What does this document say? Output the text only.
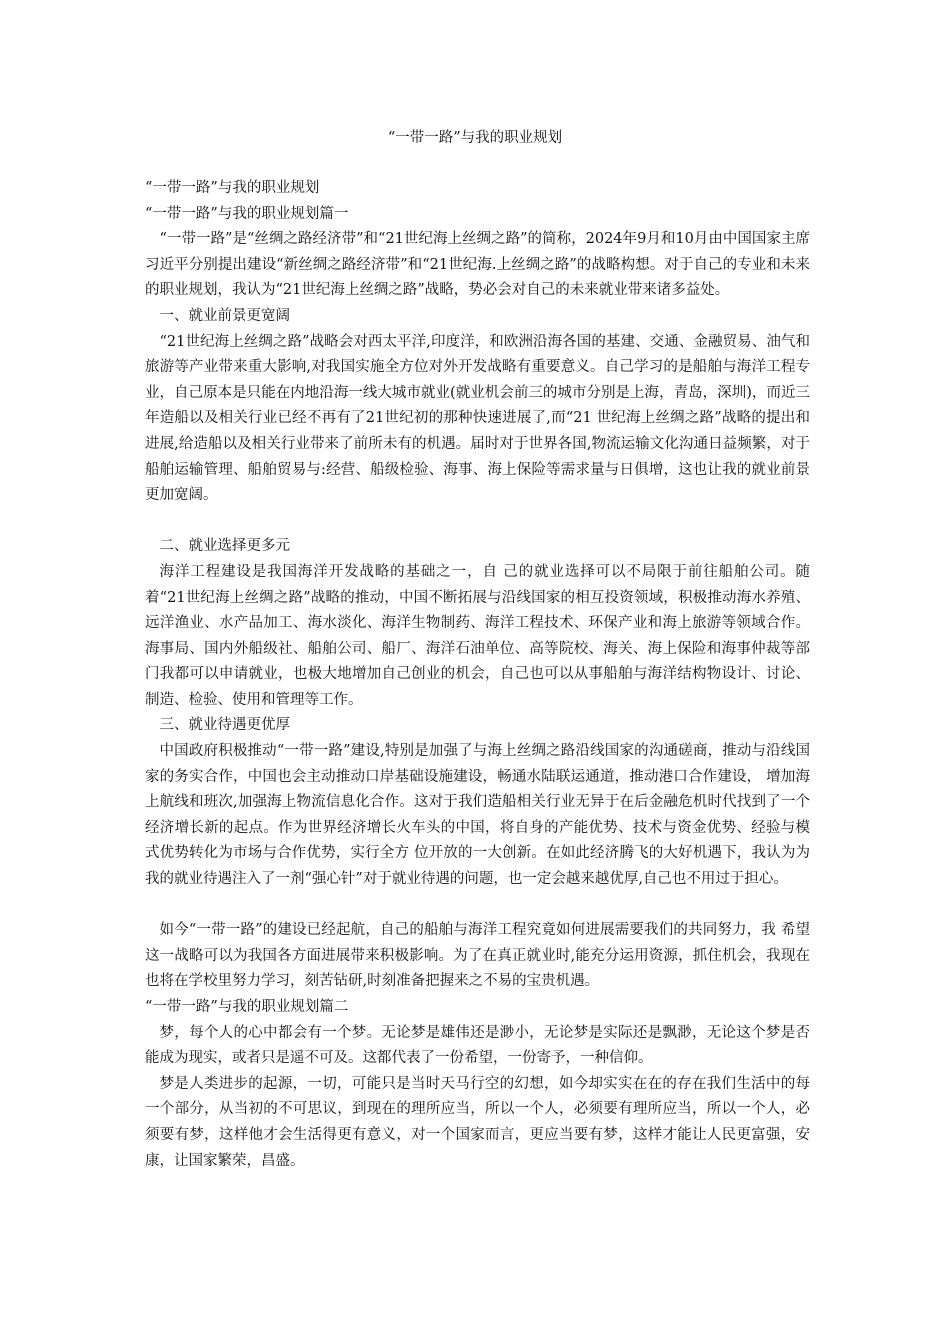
“一带一路”与我的职业规划

“一带一路”与我的职业规划

“一带一路”与我的职业规划篇一

“一带一路”是“丝绸之路经济带”和“21世纪海上丝绸之路”的简称，2024年9月和10月由中国国家主席习近平分别提出建设“新丝绸之路经济带”和“21世纪海.上丝绸之路”的战略构想。对于自己的专业和未来的职业规划，我认为“21世纪海上丝绸之路”战略，势必会对自己的未来就业带来诸多益处。

一、就业前景更宽阔

“21世纪海上丝绸之路”战略会对西太平洋,印度洋，和欧洲沿海各国的基建、交通、金融贸易、油气和旅游等产业带来重大影响,对我国实施全方位对外开发战略有重要意义。自己学习的是船舶与海洋工程专业，自己原本是只能在内地沿海一线大城市就业(就业机会前三的城市分别是上海，青岛，深圳)，而近三年造船以及相关行业已经不再有了21世纪初的那种快速进展了,而“21 世纪海上丝绸之路”战略的提出和进展,给造船以及相关行业带来了前所未有的机遇。届时对于世界各国,物流运输文化沟通日益频繁，对于船舶运输管理、船舶贸易与:经营、船级检验、海事、海上保险等需求量与日俱增，这也让我的就业前景更加宽阔。

二、就业选择更多元

海洋工程建设是我国海洋开发战略的基础之一，自 己的就业选择可以不局限于前往船舶公司。随着“21世纪海上丝绸之路”战略的推动，中国不断拓展与沿线国家的相互投资领域，积极推动海水养殖、远洋渔业、水产品加工、海水淡化、海洋生物制药、海洋工程技术、环保产业和海上旅游等领域合作。海事局、国内外船级社、船舶公司、船厂、海洋石油单位、高等院校、海关、海上保险和海事仲裁等部门我都可以申请就业，也极大地增加自己创业的机会，自己也可以从事船舶与海洋结构物设计、讨论、制造、检验、使用和管理等工作。

三、就业待遇更优厚

中国政府积极推动“一带一路”建设,特别是加强了与海上丝绸之路沿线国家的沟通磋商，推动与沿线国家的务实合作，中国也会主动推动口岸基础设施建设，畅通水陆联运通道，推动港口合作建设， 增加海上航线和班次,加强海上物流信息化合作。这对于我们造船相关行业无异于在后金融危机时代找到了一个经济增长新的起点。作为世界经济增长火车头的中国，将自身的产能优势、技术与资金优势、经验与模式优势转化为市场与合作优势，实行全方 位开放的一大创新。在如此经济腾飞的大好机遇下，我认为为 我的就业待遇注入了一剂“强心针”对于就业待遇的问题，也一定会越来越优厚,自己也不用过于担心。

如今“一带一路”的建设已经起航，自己的船舶与海洋工程究竟如何进展需要我们的共同努力，我 希望这一战略可以为我国各方面进展带来积极影响。为了在真正就业时,能充分运用资源，抓住机会，我现在 也将在学校里努力学习，刻苦钻研,时刻准备把握来之不易的宝贵机遇。

“一带一路”与我的职业规划篇二

梦，每个人的心中都会有一个梦。无论梦是雄伟还是渺小，无论梦是实际还是飘渺，无论这个梦是否能成为现实，或者只是遥不可及。这都代表了一份希望，一份寄予，一种信仰。

梦是人类进步的起源，一切，可能只是当时天马行空的幻想，如今却实实在在的存在我们生活中的每一个部分，从当初的不可思议，到现在的理所应当，所以一个人，必须要有理所应当，所以一个人，必须要有梦，这样他才会生活得更有意义，对一个国家而言，更应当要有梦，这样才能让人民更富强，安康，让国家繁荣，昌盛。
